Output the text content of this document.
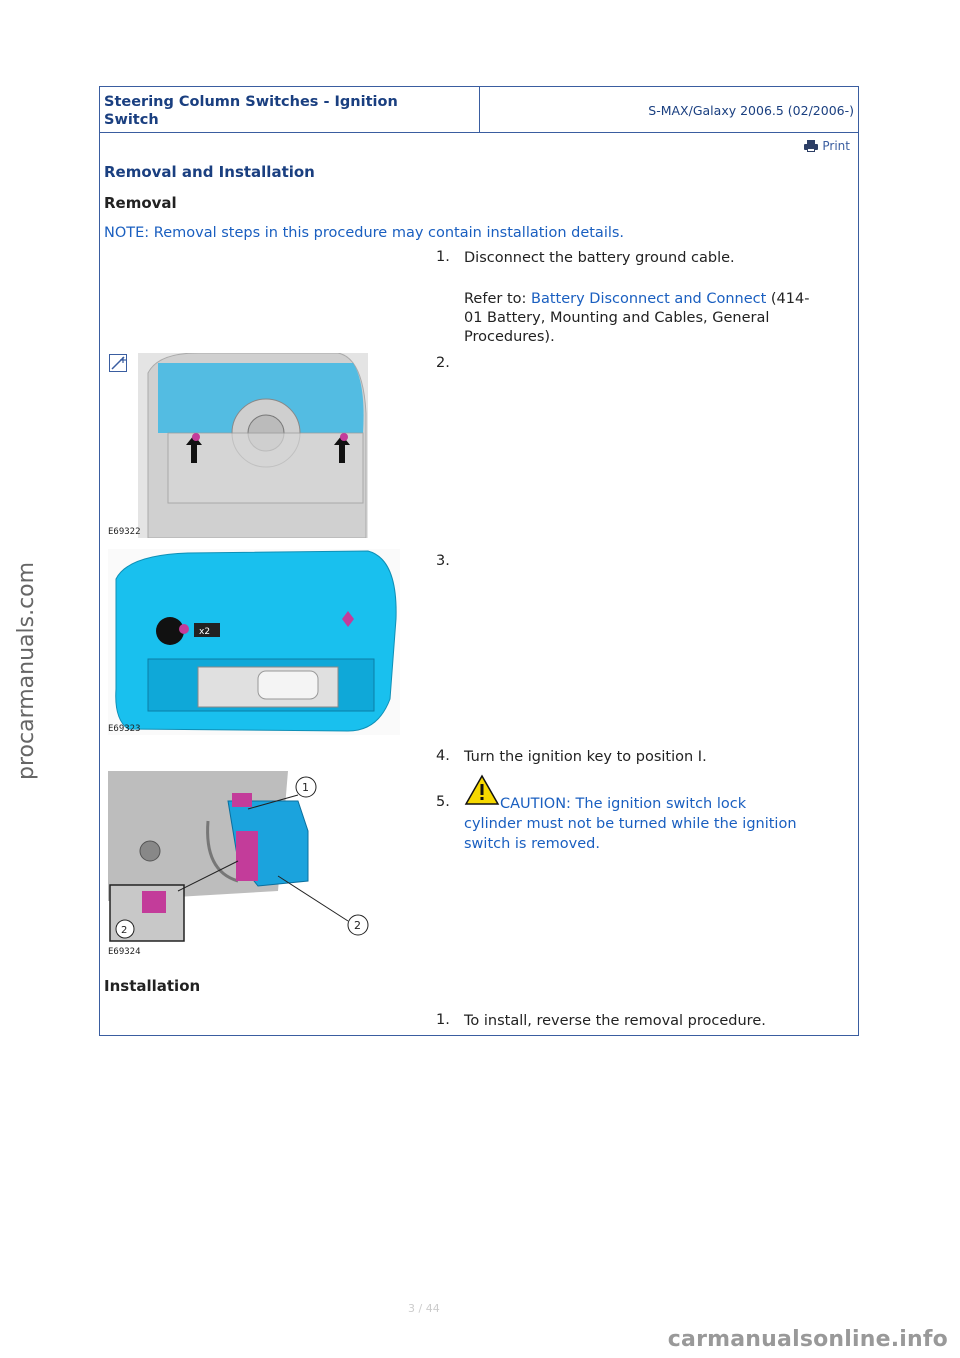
procarmanuals.com
Steering Column Switches - Ignition Switch
S-MAX/Galaxy 2006.5 (02/2006-)
Print
Removal and Installation
Removal
NOTE: Removal steps in this procedure may contain installation details.
1. Disconnect the battery ground cable.
Refer to: Battery Disconnect and Connect (414-
01 Battery, Mounting and Cables, General
Procedures).
E69322
2.
x2
E69323
3.
4. Turn the ignition key to position I.
2
1
2
E69324
5.	CAUTION: The ignition switch lock
cylinder must not be turned while the ignition
switch is removed.
Installation
1. To install, reverse the removal procedure.
3 / 44
carmanualsonline.info
